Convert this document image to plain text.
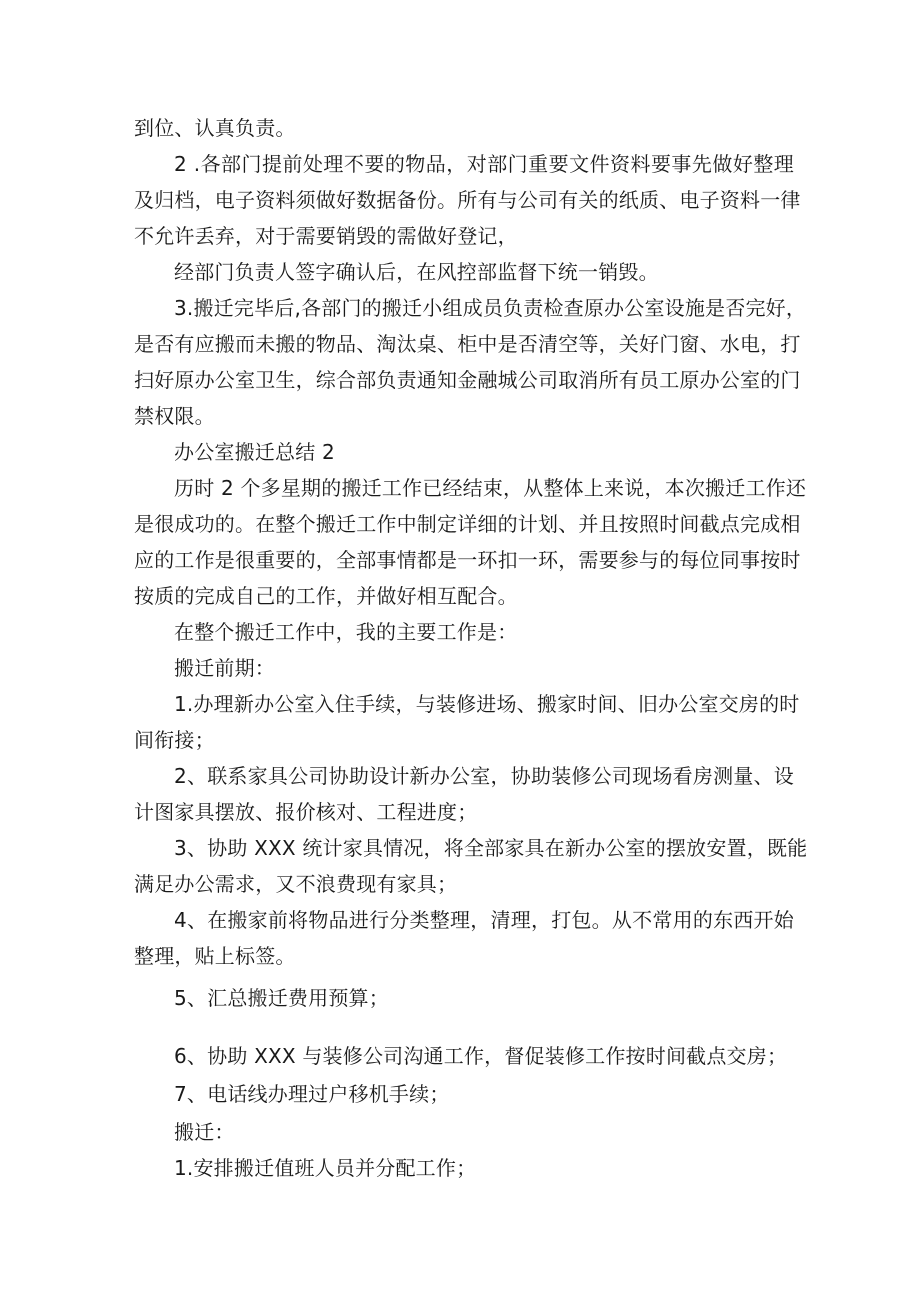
到位、认真负责。
2 .各部门提前处理不要的物品，对部门重要文件资料要事先做好整理
及归档，电子资料须做好数据备份。所有与公司有关的纸质、电子资料一律
不允许丢弃，对于需要销毁的需做好登记，
经部门负责人签字确认后，在风控部监督下统一销毁。
3.搬迁完毕后,各部门的搬迁小组成员负责检查原办公室设施是否完好，
是否有应搬而未搬的物品、淘汰桌、柜中是否清空等，关好门窗、水电，打
扫好原办公室卫生，综合部负责通知金融城公司取消所有员工原办公室的门
禁权限。
办公室搬迁总结 2
历时 2 个多星期的搬迁工作已经结束，从整体上来说，本次搬迁工作还
是很成功的。在整个搬迁工作中制定详细的计划、并且按照时间截点完成相
应的工作是很重要的，全部事情都是一环扣一环，需要参与的每位同事按时
按质的完成自己的工作，并做好相互配合。
在整个搬迁工作中，我的主要工作是：
搬迁前期：
1.办理新办公室入住手续，与装修进场、搬家时间、旧办公室交房的时
间衔接；
2、联系家具公司协助设计新办公室，协助装修公司现场看房测量、设
计图家具摆放、报价核对、工程进度；
3、协助 XXX 统计家具情况，将全部家具在新办公室的摆放安置，既能
满足办公需求，又不浪费现有家具；
4、在搬家前将物品进行分类整理，清理，打包。从不常用的东西开始
整理，贴上标签。
5、汇总搬迁费用预算；
6、协助 XXX 与装修公司沟通工作，督促装修工作按时间截点交房；
7、电话线办理过户移机手续；
搬迁：
1.安排搬迁值班人员并分配工作；
